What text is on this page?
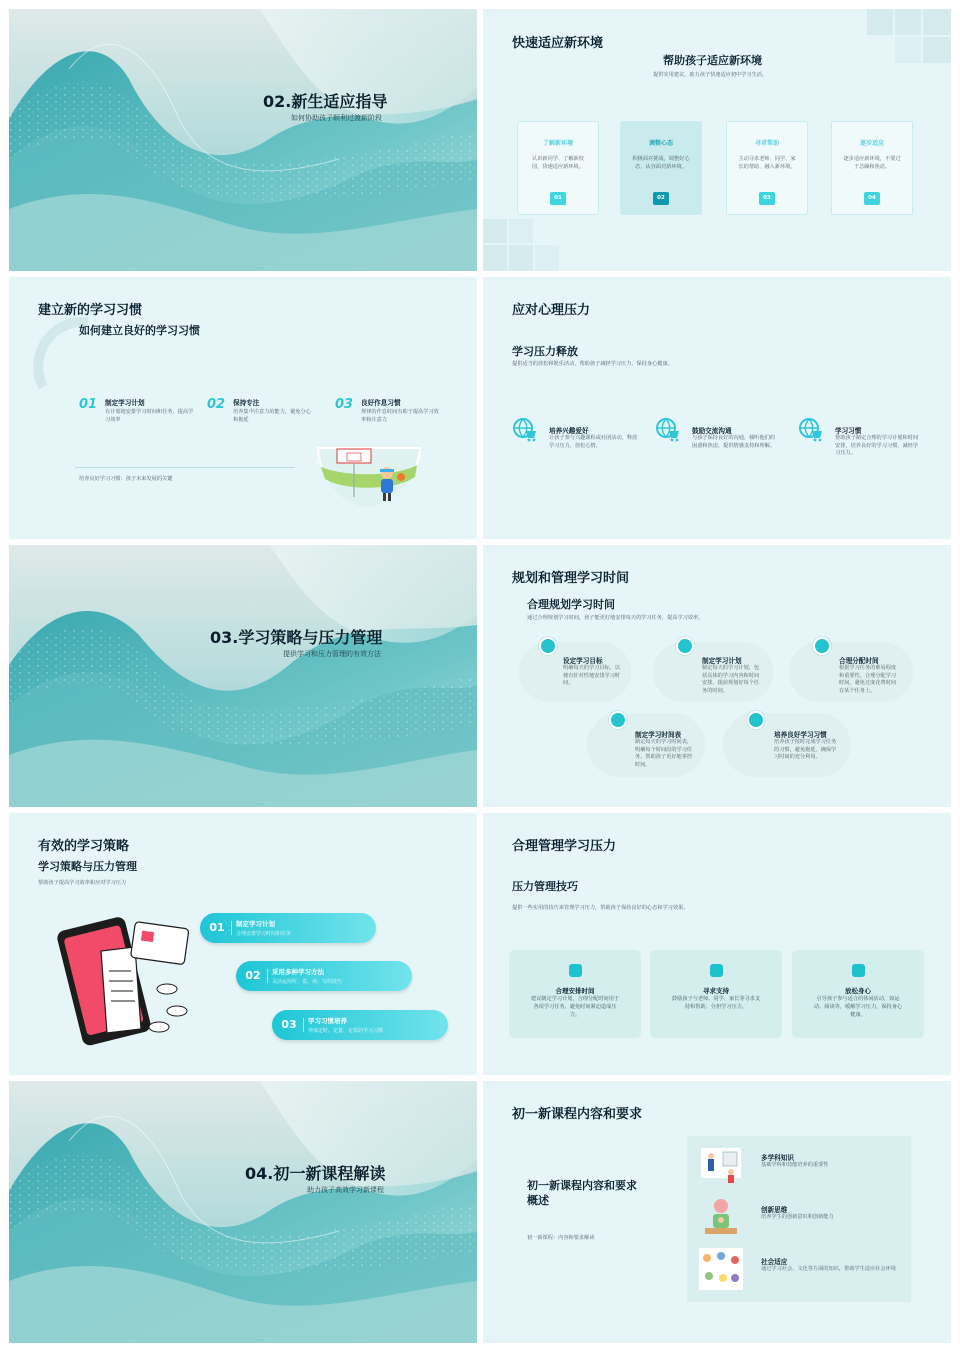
02.新生适应指导
如何协助孩子顺利过渡新阶段
快速适应新环境
帮助孩子适应新环境
提供实用建议，助力孩子快速适应初中学习生活。
了解新环境
认识新同学、了解新校园，快速适应新环境。
01
调整心态
积极面对挑战，调整好心态，从容面对新环境。
02
寻求帮助
主动寻求老师、同学、家长的帮助，融入新环境。
03
逐步适应
逐步适应新环境，不要过于急躁和焦虑。
04
建立新的学习习惯
如何建立良好的学习习惯
01 制定学习计划
有计划地安排学习时间和任务，提高学习效率
02 保持专注
培养集中注意力的能力，避免分心和拖延
03 良好作息习惯
规律的作息时间有助于提高学习效率和注意力
培养良好学习习惯：孩子未来发展的关键
应对心理压力
学习压力释放
提供适当的放松和娱乐活动，帮助孩子减轻学习压力，保持身心健康。
培养兴趣爱好
让孩子参与兴趣课程或社团活动，释放学习压力，放松心情。
鼓励交流沟通
与孩子保持良好的沟通，倾听他们的困惑和焦虑，提供情感支持和理解。
学习习惯
帮助孩子制定合理的学习计划和时间安排，培养良好的学习习惯，减轻学习压力。
03.学习策略与压力管理
提供学习和压力管理的有效方法
规划和管理学习时间
合理规划学习时间
通过合理规划学习时间，孩子能更好地安排每天的学习任务，提高学习效率。
设定学习目标
明确每天的学习目标，以便有针对性地安排学习时间。
制定学习计划
制定每天的学习计划，包括具体的学习内容和时间安排，提前规划好每个任务的时间。
合理分配时间
根据学习任务的难易程度和重要性，合理分配学习时间，避免过度花费时间在某个任务上。
制定学习时间表
制定每天的学习时间表，明确每个时间段的学习任务，帮助孩子更好地掌控时间。
培养良好学习习惯
培养孩子按时完成学习任务的习惯，避免拖延，确保学习时间的充分利用。
有效的学习策略
学习策略与压力管理
帮助孩子提高学习效率和应对学习压力
01	制定学习计划
合理安排学习时间和任务
02	采用多种学习方法
灵活运用听、说、读、写的技巧
03	学习习惯培养
养成定时、定量、定质的学习习惯
合理管理学习压力
压力管理技巧
提供一些实用的技巧来管理学习压力，帮助孩子保持良好的心态和学习效果。
合理安排时间
建议制定学习计划，合理分配时间用于各项学习任务，避免时间紧迫造成压力。
寻求支持
鼓励孩子与老师、同学、家长等寻求支持和帮助，分担学习压力。
放松身心
引导孩子参与适合的休闲活动，如运动、阅读等，缓解学习压力，保持身心健康。
04.初一新课程解读
助力孩子高效学习新课程
初一新课程内容和要求
初一新课程内容和要求概述
初一新课程：内容和要求解读
多学科知识
基础学科和技能培养的重要性
创新思维
培养学生的创新意识和创新能力
社会适应
通过学习社会、文化等方面的知识，帮助学生适应社会环境
